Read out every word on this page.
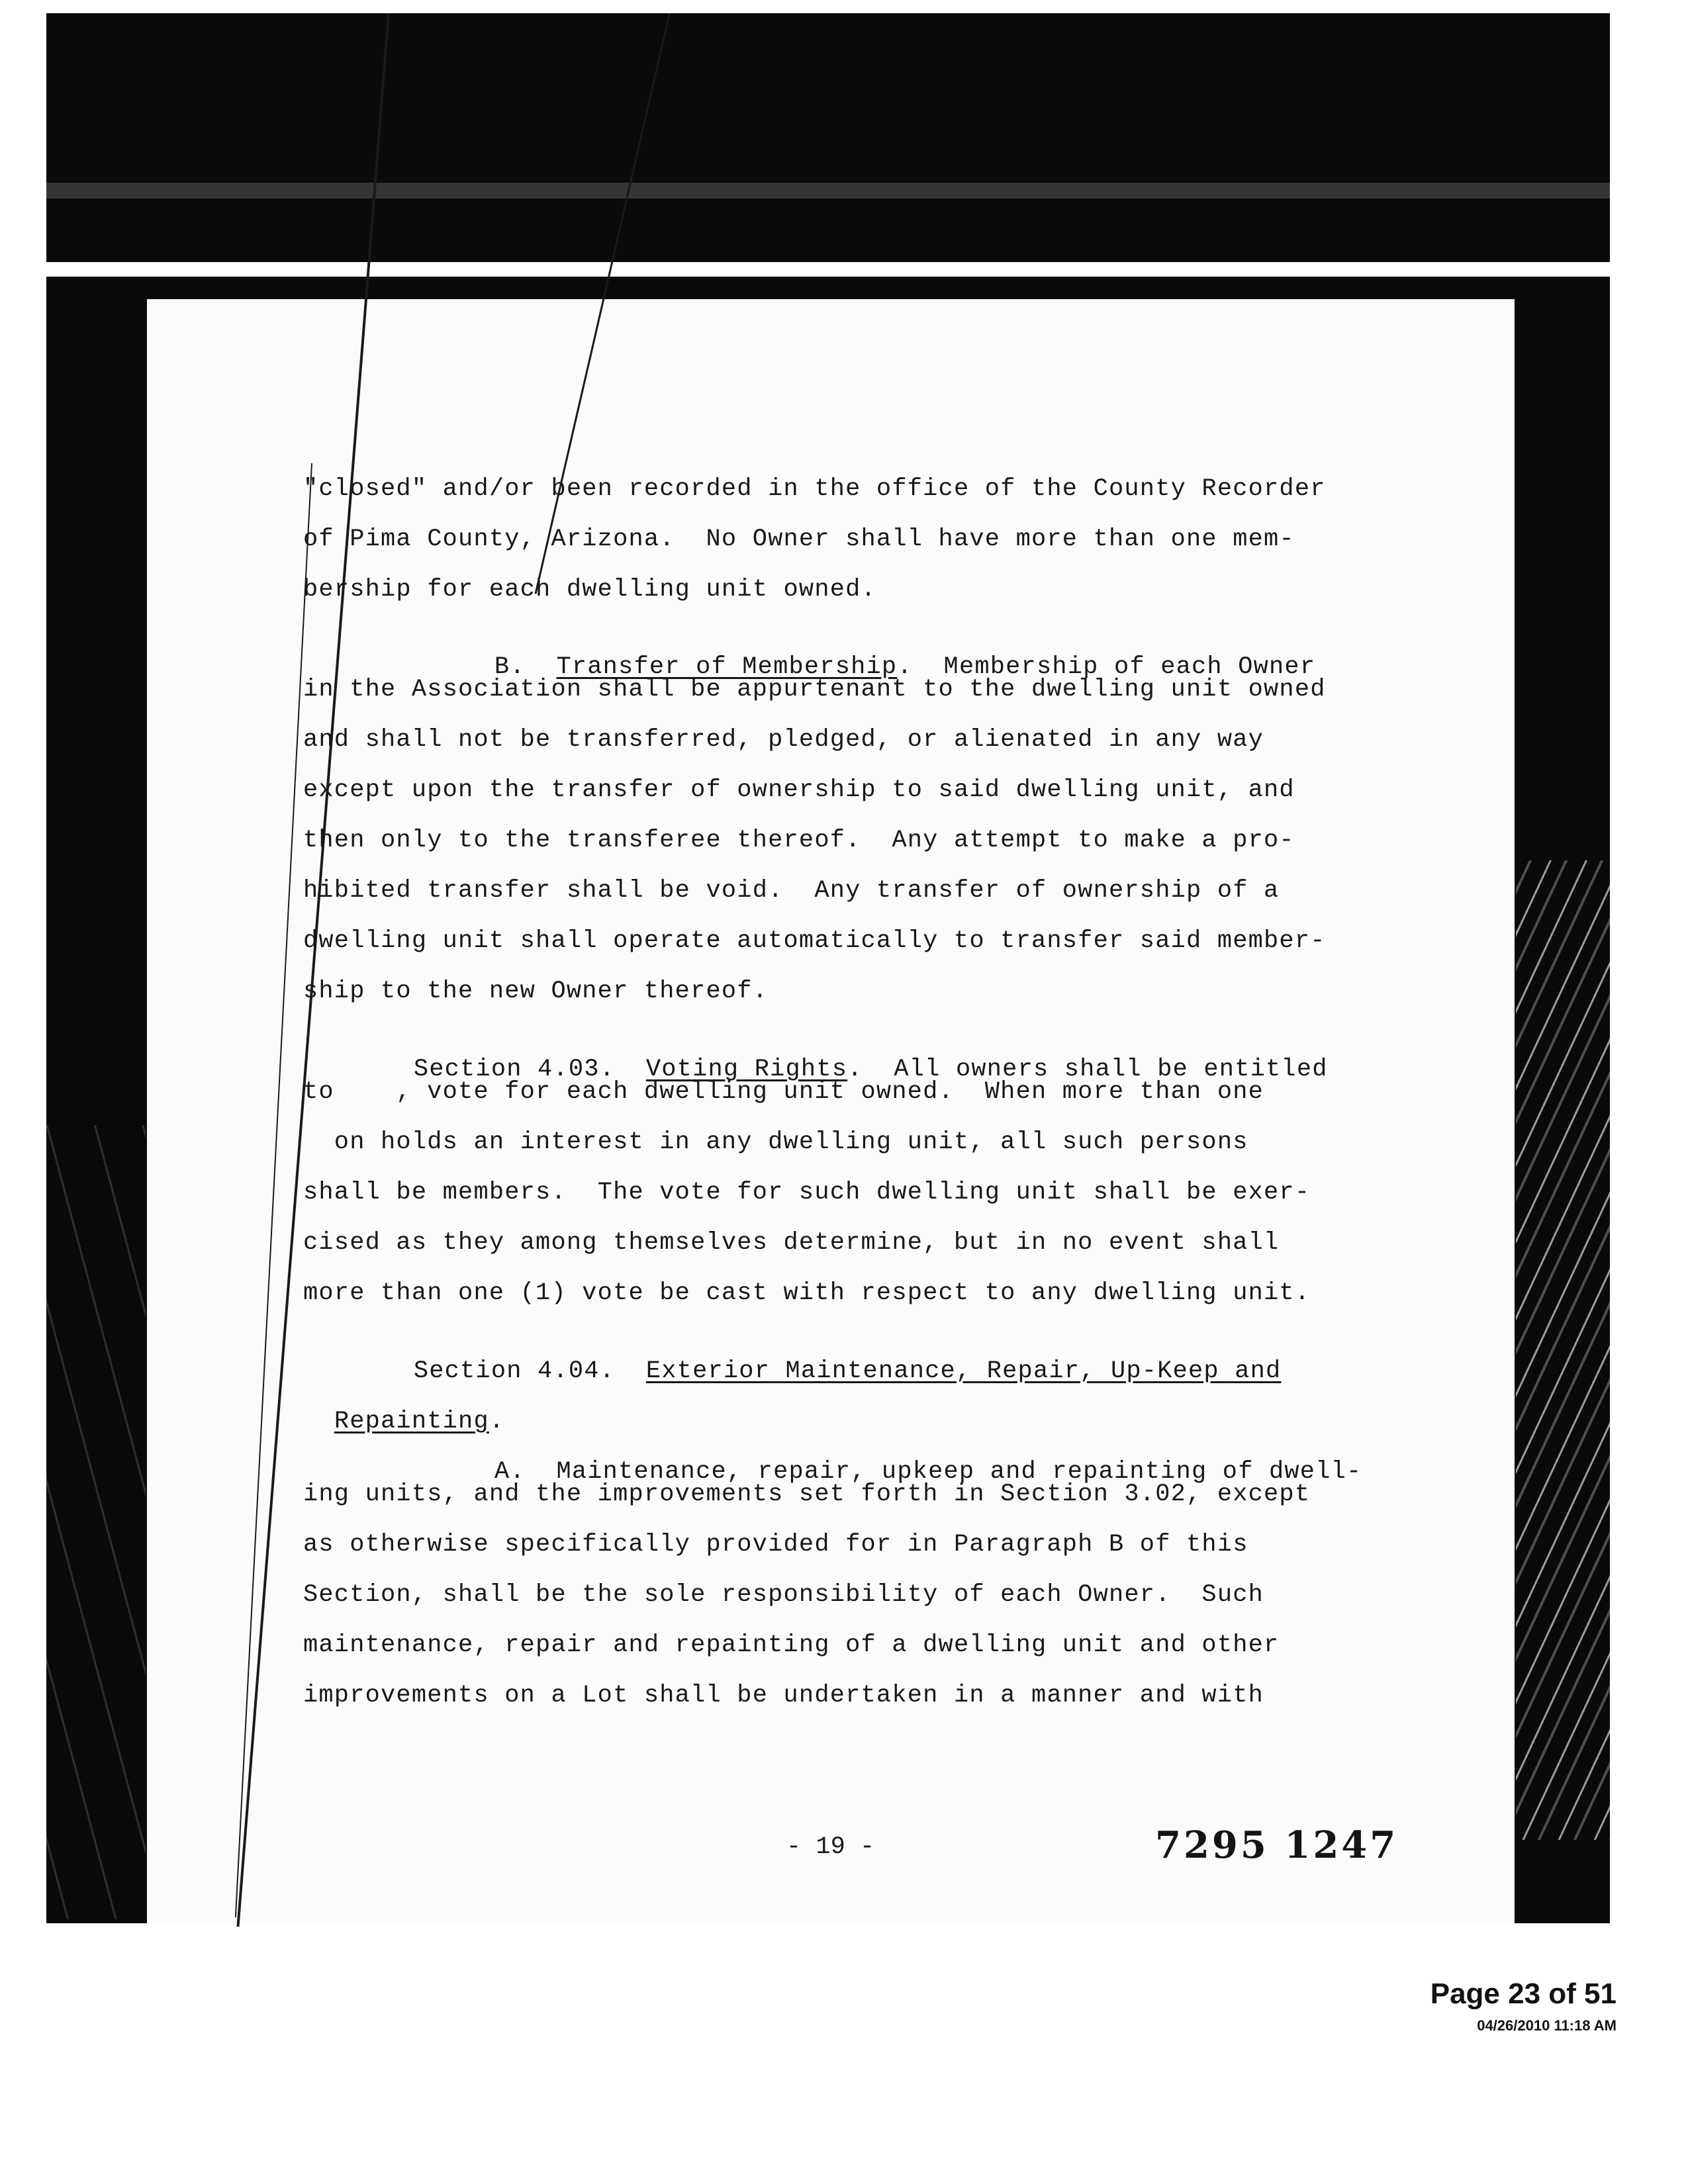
"closed" and/or been recorded in the office of the County Recorder
of Pima County, Arizona.  No Owner shall have more than one mem-
bership for each dwelling unit owned.

B. Transfer of Membership.  Membership of each Owner

in the Association shall be appurtenant to the dwelling unit owned
and shall not be transferred, pledged, or alienated in any way
except upon the transfer of ownership to said dwelling unit, and
then only to the transferee thereof.  Any attempt to make a pro-
hibited transfer shall be void.  Any transfer of ownership of a
dwelling unit shall operate automatically to transfer said member-
ship to the new Owner thereof.

Section 4.03. Voting Rights.  All owners shall be entitled

to    , vote for each dwelling unit owned.  When more than one
on holds an interest in any dwelling unit, all such persons
shall be members.  The vote for such dwelling unit shall be exer-
cised as they among themselves determine, but in no event shall
more than one (1) vote be cast with respect to any dwelling unit.

Section 4.04. Exterior Maintenance, Repair, Up-Keep and

Repainting.

A. Maintenance, repair, upkeep and repainting of dwell-

ing units, and the improvements set forth in Section 3.02, except
as otherwise specifically provided for in Paragraph B of this
Section, shall be the sole responsibility of each Owner.  Such
maintenance, repair and repainting of a dwelling unit and other
improvements on a Lot shall be undertaken in a manner and with
- 19 -	7295 1247
Page 23 of 51
04/26/2010 11:18 AM
